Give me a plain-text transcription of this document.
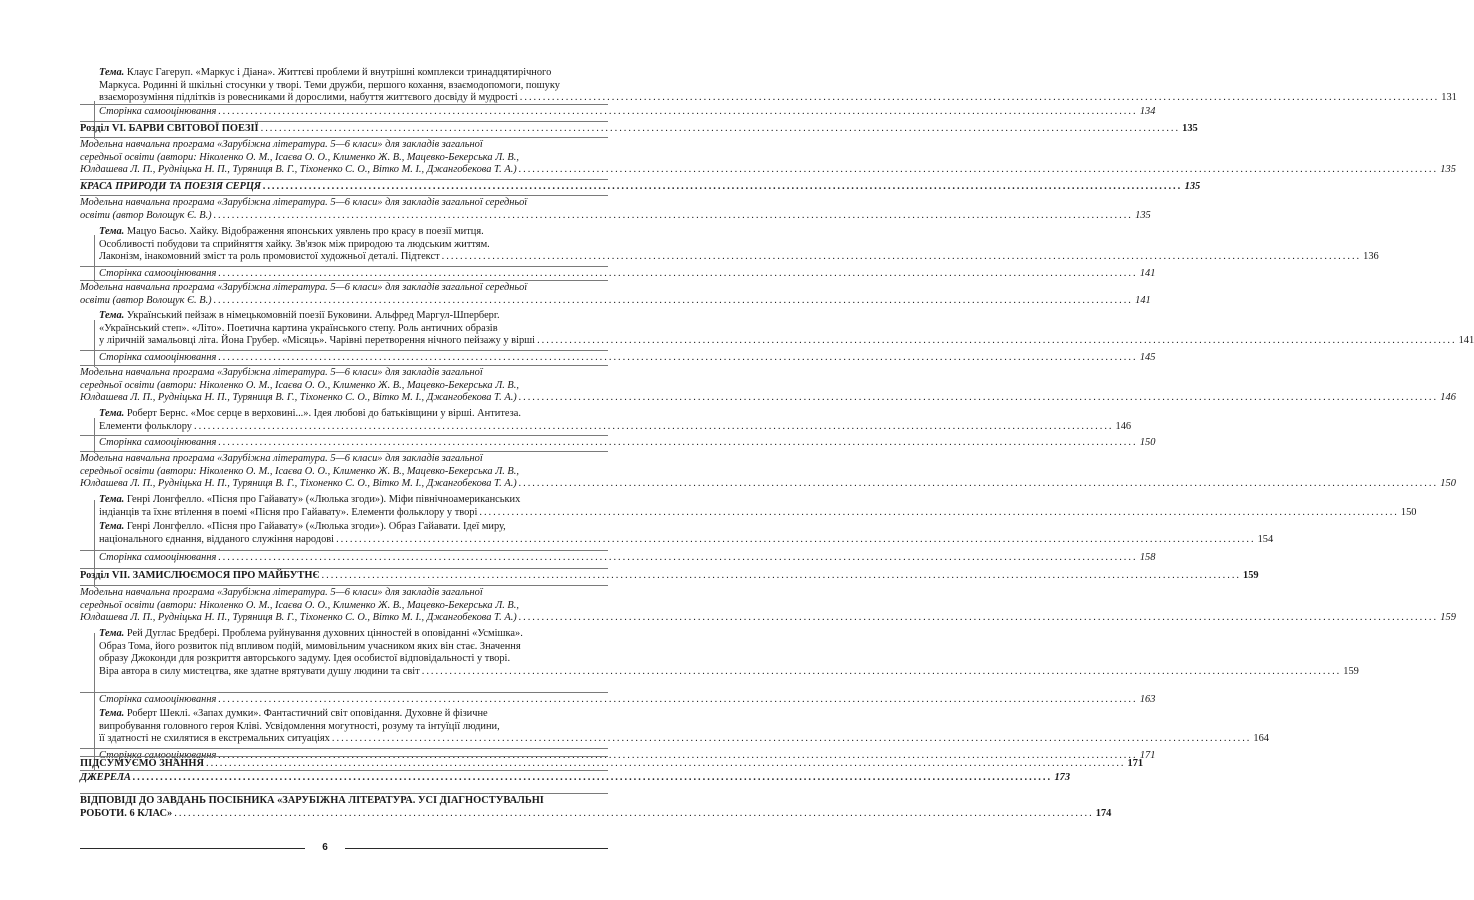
Тема. Клаус Гагеруп. «Маркус і Діана». Життєві проблеми й внутрішні комплекси тринадцятирічного
Маркуса. Родинні й шкільні стосунки у творі. Теми дружби, першого кохання, взаємодопомоги, пошуку
взаєморозуміння підлітків із ровесниками й дорослими, набуття життєвого досвіду й мудрості ........................................................................................................................................................................................................ 131
Сторінка самооцінювання ........................................................................................................................................................................................................ 134
Розділ VI. БАРВИ СВІТОВОЇ ПОЕЗІЇ ........................................................................................................................................................................................................ 135
Модельна навчальна програма «Зарубіжна література. 5—6 класи» для закладів загальної
середньої освіти (автори: Ніколенко О. М., Ісаєва О. О., Клименко Ж. В., Мацевко-Бекерська Л. В.,
Юлдашева Л. П., Рудніцька Н. П., Туряниця В. Г., Тіхоненко С. О., Вітко М. І., Джангобекова Т. А.) ........................................................................................................................................................................................................ 135
КРАСА ПРИРОДИ ТА ПОЕЗІЯ СЕРЦЯ ........................................................................................................................................................................................................ 135
Модельна навчальна програма «Зарубіжна література. 5—6 класи» для закладів загальної середньої
освіти (автор Волощук Є. В.) ........................................................................................................................................................................................................ 135
Тема. Мацуо Басьо. Хайку. Відображення японських уявлень про красу в поезії митця.
Особливості побудови та сприйняття хайку. Зв'язок між природою та людським життям.
Лаконізм, інакомовний зміст та роль промовистої художньої деталі. Підтекст ........................................................................................................................................................................................................ 136
Сторінка самооцінювання ........................................................................................................................................................................................................ 141
Модельна навчальна програма «Зарубіжна література. 5—6 класи» для закладів загальної середньої
освіти (автор Волощук Є. В.) ........................................................................................................................................................................................................ 141
Тема. Український пейзаж в німецькомовній поезії Буковини. Альфред Маргул-Шперберг.
«Український степ». «Літо». Поетична картина українського степу. Роль античних образів
у ліричній замальовці літа. Йона Грубер. «Місяць». Чарівні перетворення нічного пейзажу у вірші ........................................................................................................................................................................................................ 141
Сторінка самооцінювання ........................................................................................................................................................................................................ 145
Модельна навчальна програма «Зарубіжна література. 5—6 класи» для закладів загальної
середньої освіти (автори: Ніколенко О. М., Ісаєва О. О., Клименко Ж. В., Мацевко-Бекерська Л. В.,
Юлдашева Л. П., Рудніцька Н. П., Туряниця В. Г., Тіхоненко С. О., Вітко М. І., Джангобекова Т. А.) ........................................................................................................................................................................................................ 146
Тема. Роберт Бернс. «Моє серце в верховині...». Ідея любові до батьківщини у вірші. Антитеза.
Елементи фольклору ........................................................................................................................................................................................................ 146
Сторінка самооцінювання ........................................................................................................................................................................................................ 150
Модельна навчальна програма «Зарубіжна література. 5—6 класи» для закладів загальної
середньої освіти (автори: Ніколенко О. М., Ісаєва О. О., Клименко Ж. В., Мацевко-Бекерська Л. В.,
Юлдашева Л. П., Рудніцька Н. П., Туряниця В. Г., Тіхоненко С. О., Вітко М. І., Джангобекова Т. А.) ........................................................................................................................................................................................................ 150
Тема. Генрі Лонгфелло. «Пісня про Гайавату» («Люлька згоди»). Міфи північноамериканських
індіанців та їхнє втілення в поемі «Пісня про Гайавату». Елементи фольклору у творі ........................................................................................................................................................................................................ 150
Тема. Генрі Лонгфелло. «Пісня про Гайавату» («Люлька згоди»). Образ Гайавати. Ідеї миру,
національного єднання, відданого служіння народові ........................................................................................................................................................................................................ 154
Сторінка самооцінювання ........................................................................................................................................................................................................ 158
Розділ VII. ЗАМИСЛЮЄМОСЯ ПРО МАЙБУТНЄ ........................................................................................................................................................................................................ 159
Модельна навчальна програма «Зарубіжна література. 5—6 класи» для закладів загальної
середньої освіти (автори: Ніколенко О. М., Ісаєва О. О., Клименко Ж. В., Мацевко-Бекерська Л. В.,
Юлдашева Л. П., Рудніцька Н. П., Туряниця В. Г., Тіхоненко С. О., Вітко М. І., Джангобекова Т. А.) ........................................................................................................................................................................................................ 159
Тема. Рей Дуглас Бредбері. Проблема руйнування духовних цінностей в оповіданні «Усмішка».
Образ Тома, його розвиток під впливом подій, мимовільним учасником яких він стає. Значення
образу Джоконди для розкриття авторського задуму. Ідея особистої відповідальності у творі.
Віра автора в силу мистецтва, яке здатне врятувати душу людини та світ ........................................................................................................................................................................................................ 159
Сторінка самооцінювання ........................................................................................................................................................................................................ 163
Тема. Роберт Шеклі. «Запах думки». Фантастичний світ оповідання. Духовне й фізичне
випробування головного героя Кліві. Усвідомлення могутності, розуму та інтуїції людини,
її здатності не схилятися в екстремальних ситуаціях ........................................................................................................................................................................................................ 164
Сторінка самооцінювання ........................................................................................................................................................................................................ 171
ПІДСУМУЄМО ЗНАННЯ ........................................................................................................................................................................................................ 171
ДЖЕРЕЛА ........................................................................................................................................................................................................ 173
ВІДПОВІДІ ДО ЗАВДАНЬ ПОСІБНИКА «ЗАРУБІЖНА ЛІТЕРАТУРА. УСІ ДІАГНОСТУВАЛЬНІ
РОБОТИ. 6 КЛАС» ........................................................................................................................................................................................................ 174
6
